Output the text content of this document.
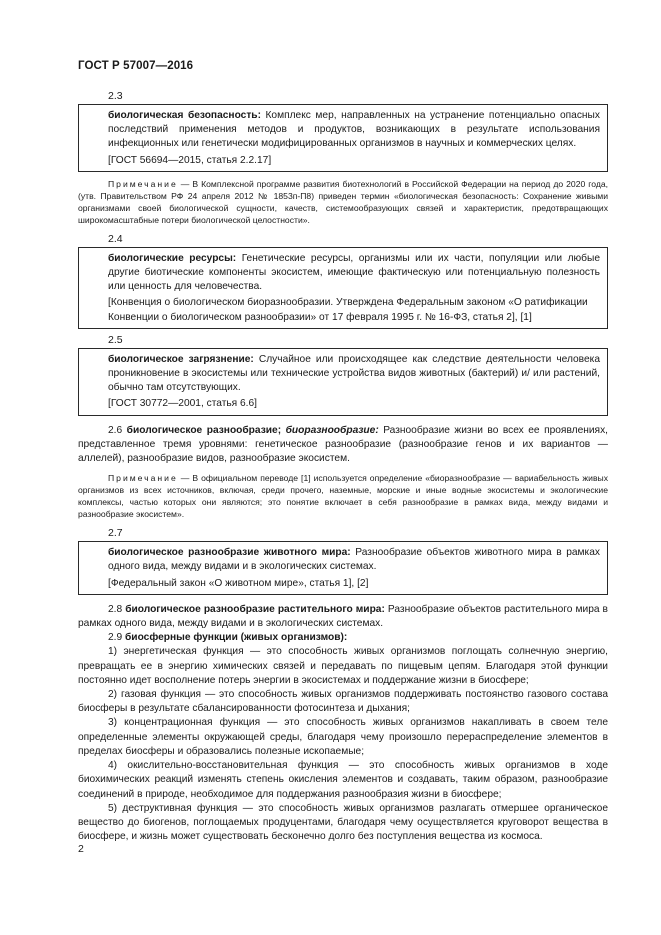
ГОСТ Р 57007—2016
2.3

биологическая безопасность: Комплекс мер, направленных на устранение потенциально опасных последствий применения методов и продуктов, возникающих в результате использования инфекционных или генетически модифицированных организмов в научных и коммерческих целях.

[ГОСТ 56694—2015, статья 2.2.17]

Примечание — В Комплексной программе развития биотехнологий в Российской Федерации на период до 2020 года, (утв. Правительством РФ 24 апреля 2012 № 1853п-П8) приведен термин «биологическая безопасность: Сохранение живыми организмами своей биологической сущности, качеств, системообразующих связей и характеристик, предотвращающих широкомасштабные потери биологической целостности».

2.4

биологические ресурсы: Генетические ресурсы, организмы или их части, популяции или любые другие биотические компоненты экосистем, имеющие фактическую или потенциальную полезность или ценность для человечества.

[Конвенция о биологическом биоразнообразии. Утверждена Федеральным законом «О ратификации Конвенции о биологическом разнообразии» от 17 февраля 1995 г. № 16-ФЗ, статья 2], [1]

2.5

биологическое загрязнение: Случайное или происходящее как следствие деятельности человека проникновение в экосистемы или технические устройства видов животных (бактерий) и/ или растений, обычно там отсутствующих.

[ГОСТ 30772—2001, статья 6.6]

2.6 биологическое разнообразие; биоразнообразие: Разнообразие жизни во всех ее проявлениях, представленное тремя уровнями: генетическое разнообразие (разнообразие генов и их вариантов — аллелей), разнообразие видов, разнообразие экосистем.

Примечание — В официальном переводе [1] используется определение «биоразнообразие — вариабельность живых организмов из всех источников, включая, среди прочего, наземные, морские и иные водные экосистемы и экологические комплексы, частью которых они являются; это понятие включает в себя разнообразие в рамках вида, между видами и разнообразие экосистем».

2.7

биологическое разнообразие животного мира: Разнообразие объектов животного мира в рамках одного вида, между видами и в экологических системах.

[Федеральный закон «О животном мире», статья 1], [2]

2.8 биологическое разнообразие растительного мира: Разнообразие объектов растительного мира в рамках одного вида, между видами и в экологических системах.

2.9 биосферные функции (живых организмов):

1) энергетическая функция — это способность живых организмов поглощать солнечную энергию, превращать ее в энергию химических связей и передавать по пищевым цепям. Благодаря этой функции постоянно идет восполнение потерь энергии в экосистемах и поддержание жизни в биосфере;

2) газовая функция — это способность живых организмов поддерживать постоянство газового состава биосферы в результате сбалансированности фотосинтеза и дыхания;

3) концентрационная функция — это способность живых организмов накапливать в своем теле определенные элементы окружающей среды, благодаря чему произошло перераспределение элементов в пределах биосферы и образовались полезные ископаемые;

4) окислительно-восстановительная функция — это способность живых организмов в ходе биохимических реакций изменять степень окисления элементов и создавать, таким образом, разнообразие соединений в природе, необходимое для поддержания разнообразия жизни в биосфере;

5) деструктивная функция — это способность живых организмов разлагать отмершее органическое вещество до биогенов, поглощаемых продуцентами, благодаря чему осуществляется круговорот вещества в биосфере, и жизнь может существовать бесконечно долго без поступления вещества из космоса.

2
